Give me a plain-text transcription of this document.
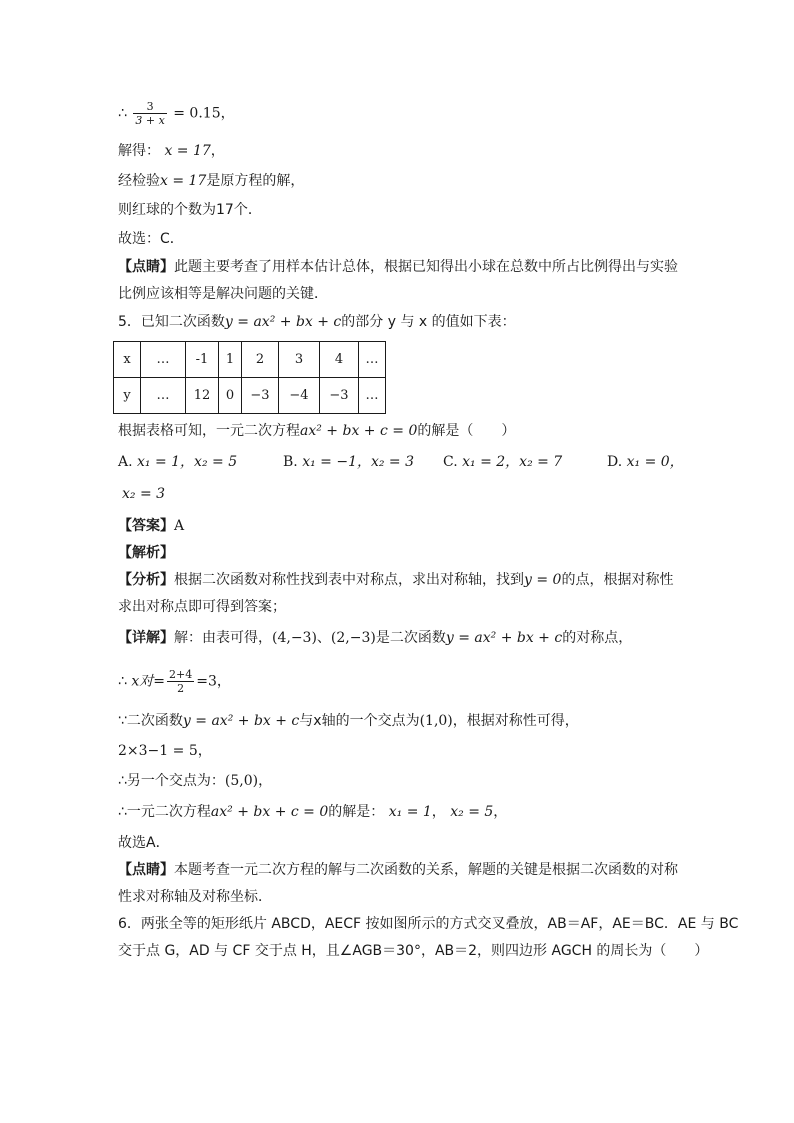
∴ $\frac{3}{3 + x} = 0.15$，
解得： x = 17，
经检验x = 17是原方程的解，
则红球的个数为17个．
故选：C．
【点睛】此题主要考查了用样本估计总体，根据已知得出小球在总数中所占比例得出与实验
比例应该相等是解决问题的关键．
5．已知二次函数y = ax² + bx + c的部分 y 与 x 的值如下表：
x	…	-1	1	2	3	4	…
y	…	12	0	−3	−4	−3	…
根据表格可知，一元二次方程ax² + bx + c = 0的解是（　　）
A. x₁ = 1，x₂ = 5	B. x₁ = −1，x₂ = 3 C. x₁ = 2，x₂ = 7	D. x₁ = 0，
x₂ = 3
【答案】A
【解析】
【分析】根据二次函数对称性找到表中对称点，求出对称轴，找到y = 0的点，根据对称性
求出对称点即可得到答案；
【详解】解：由表可得，(4,−3)、(2,−3)是二次函数y = ax² + bx + c的对称点，
∴ x对= $\frac{2+4}{2} =3$，
∵二次函数y = ax² + bx + c与x轴的一个交点为(1,0)，根据对称性可得，
2×3−1 = 5，
∴另一个交点为：(5,0)，
∴一元二次方程ax² + bx + c = 0的解是： x₁ = 1， x₂ = 5，
故选A．
【点睛】本题考查一元二次方程的解与二次函数的关系，解题的关键是根据二次函数的对称
性求对称轴及对称坐标．
6．两张全等的矩形纸片 ABCD，AECF 按如图所示的方式交叉叠放，AB＝AF，AE＝BC．AE 与 BC
交于点 G，AD 与 CF 交于点 H，且∠AGB＝30°，AB＝2，则四边形 AGCH 的周长为（　　）
